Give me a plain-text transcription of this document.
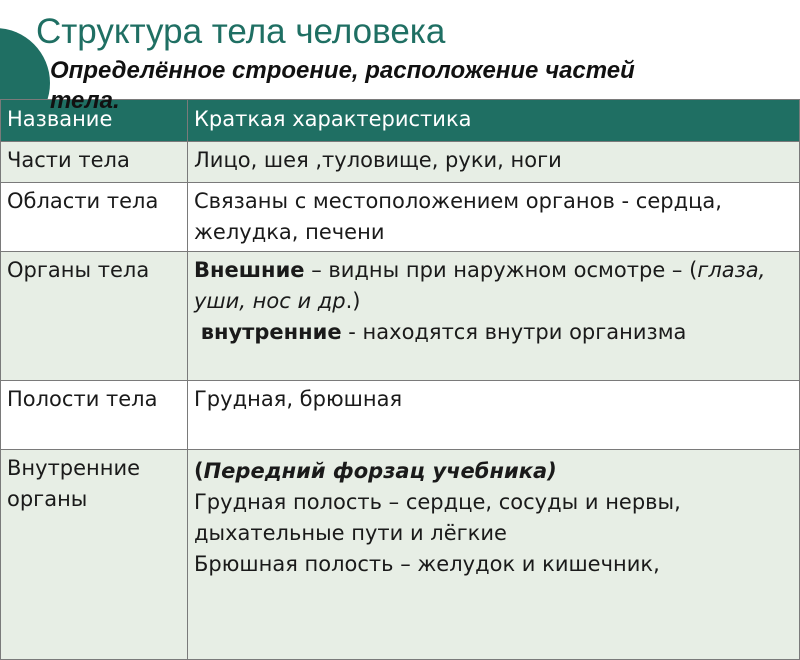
Структура тела человека
Определённое строение, расположение частей тела.
Название	Краткая характеристика
Части тела	Лицо, шея ,туловище, руки, ноги
Области тела	Связаны с местоположением органов - сердца, желудка, печени
Органы тела	Внешние – видны при наружном осмотре – (глаза, уши, нос и др.)
внутренние - находятся внутри организма

Полости тела	Грудная, брюшная
Внутренние органы	(Передний форзац учебника)
Грудная полость – сердце, сосуды и нервы, дыхательные пути и лёгкие
Брюшная полость – желудок и кишечник,
